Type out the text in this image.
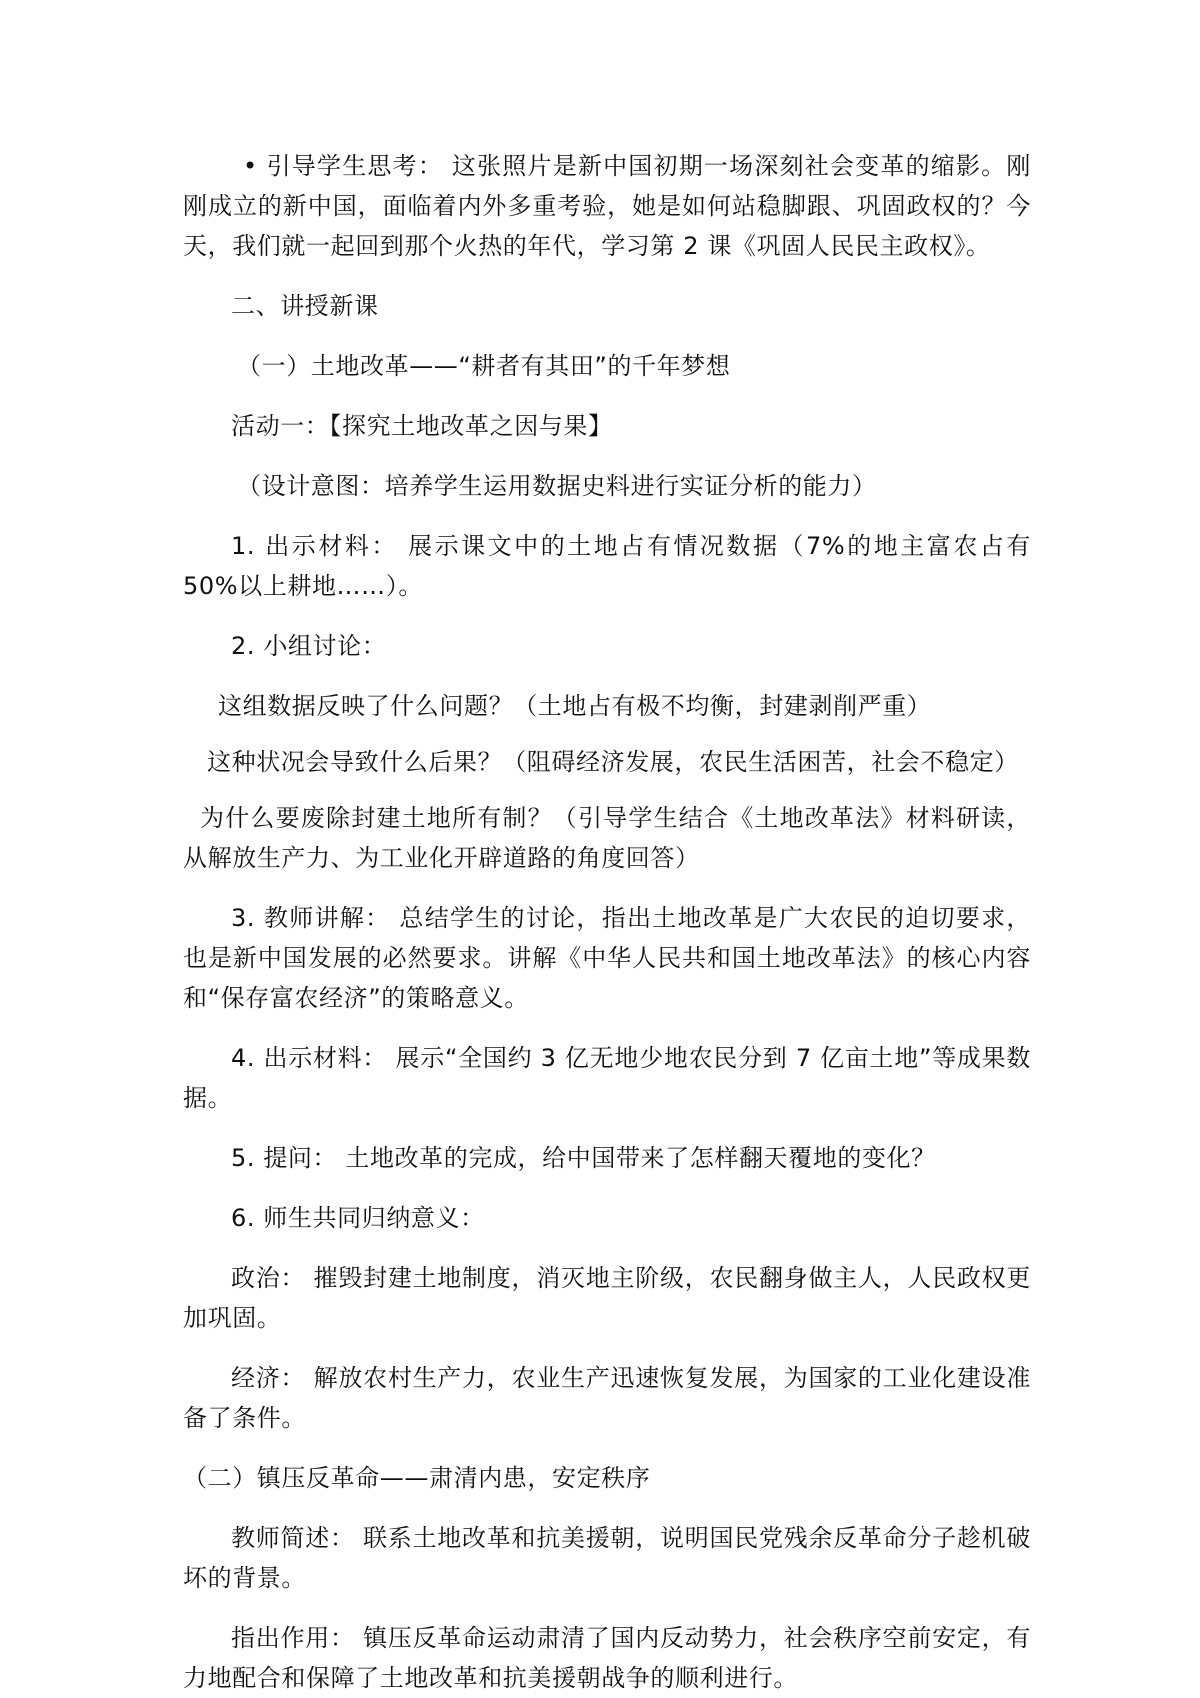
• 引导学生思考： 这张照片是新中国初期一场深刻社会变革的缩影。刚刚成立的新中国，面临着内外多重考验，她是如何站稳脚跟、巩固政权的？今天，我们就一起回到那个火热的年代，学习第 2 课《巩固人民民主政权》。

二、讲授新课

（一）土地改革——“耕者有其田”的千年梦想

活动一：【探究土地改革之因与果】

（设计意图：培养学生运用数据史料进行实证分析的能力）

1. 出示材料： 展示课文中的土地占有情况数据（7%的地主富农占有 50%以上耕地……）。

2. 小组讨论：

这组数据反映了什么问题？（土地占有极不均衡，封建剥削严重）

这种状况会导致什么后果？（阻碍经济发展，农民生活困苦，社会不稳定）

为什么要废除封建土地所有制？（引导学生结合《土地改革法》材料研读，从解放生产力、为工业化开辟道路的角度回答）

3. 教师讲解： 总结学生的讨论，指出土地改革是广大农民的迫切要求，也是新中国发展的必然要求。讲解《中华人民共和国土地改革法》的核心内容和“保存富农经济”的策略意义。

4. 出示材料： 展示“全国约 3 亿无地少地农民分到 7 亿亩土地”等成果数据。

5. 提问： 土地改革的完成，给中国带来了怎样翻天覆地的变化？

6. 师生共同归纳意义：

政治： 摧毁封建土地制度，消灭地主阶级，农民翻身做主人，人民政权更加巩固。

经济： 解放农村生产力，农业生产迅速恢复发展，为国家的工业化建设准备了条件。

（二）镇压反革命——肃清内患，安定秩序

教师简述： 联系土地改革和抗美援朝，说明国民党残余反革命分子趁机破坏的背景。

指出作用： 镇压反革命运动肃清了国内反动势力，社会秩序空前安定，有力地配合和保障了土地改革和抗美援朝战争的顺利进行。
